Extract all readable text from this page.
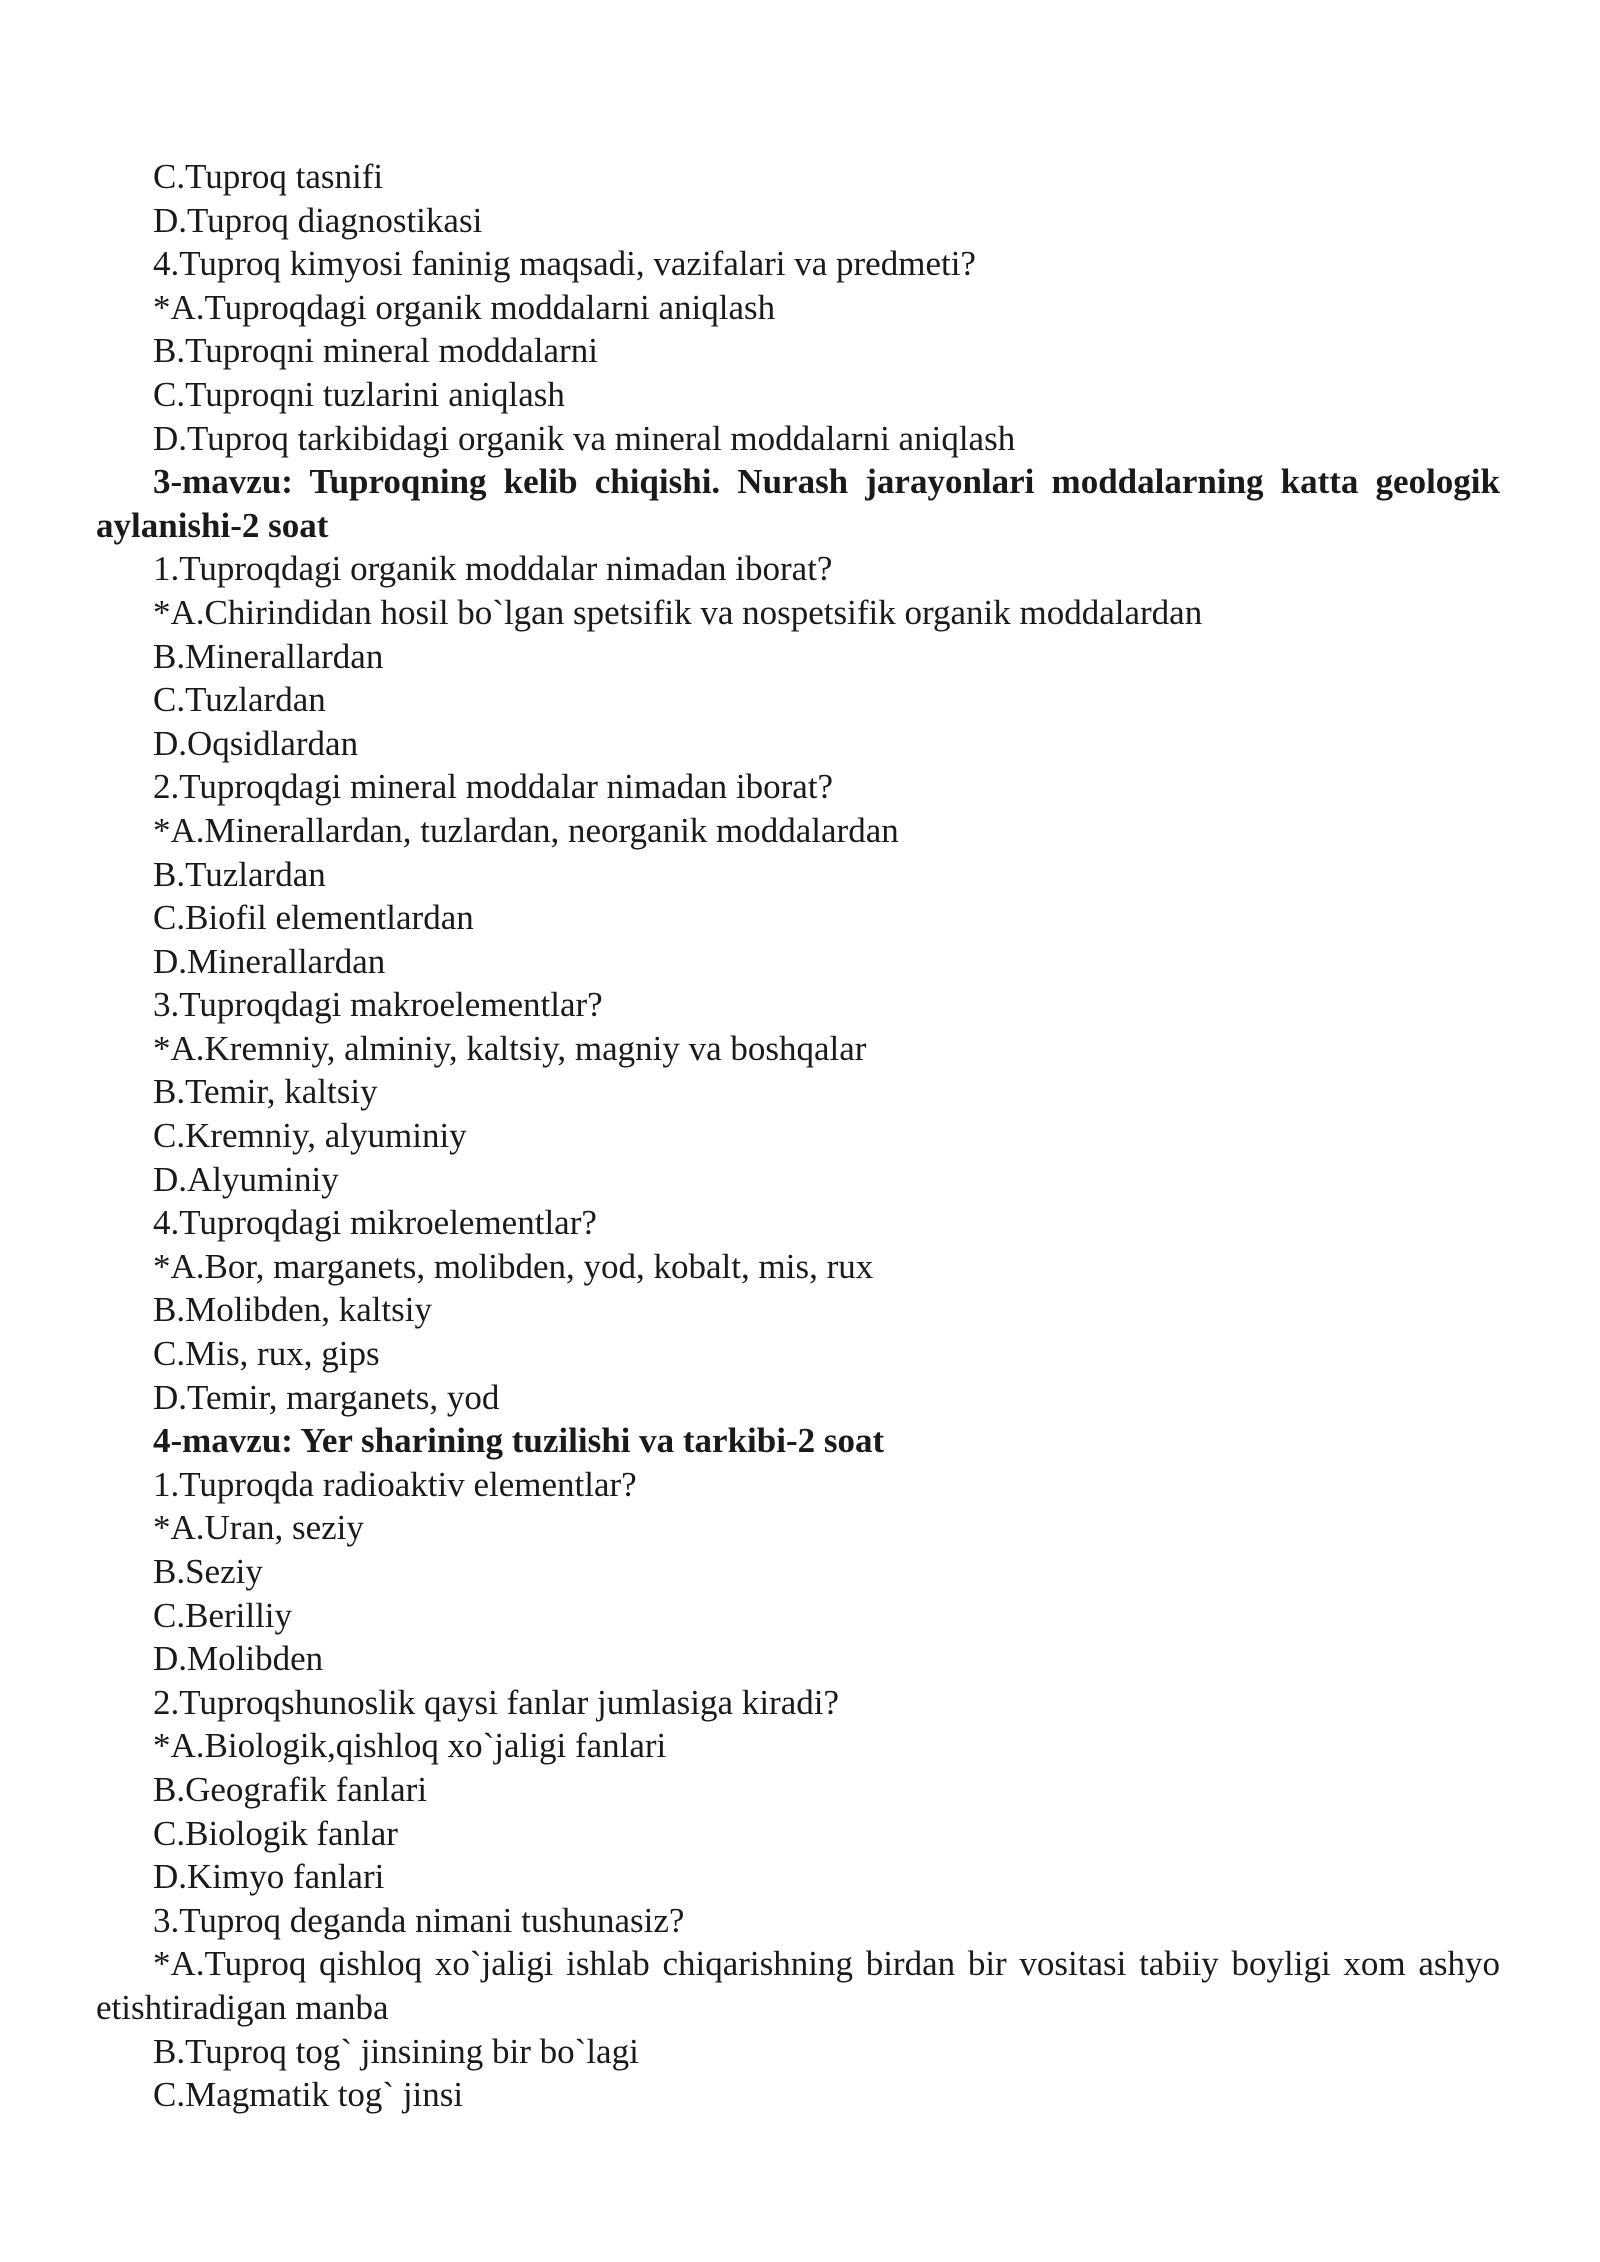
C.Tuproq tasnifi
D.Tuproq diagnostikasi
4.Tuproq kimyosi faninig maqsadi, vazifalari va predmeti?
*A.Tuproqdagi organik moddalarni aniqlash
B.Tuproqni mineral moddalarni
C.Tuproqni tuzlarini aniqlash
D.Tuproq tarkibidagi organik va mineral moddalarni aniqlash
3-mavzu: Tuproqning kelib chiqishi. Nurash jarayonlari moddalarning katta geologik aylanishi-2 soat
1.Tuproqdagi organik moddalar nimadan iborat?
*A.Chirindidan hosil bo`lgan spetsifik va nospetsifik organik moddalardan
B.Minerallardan
C.Tuzlardan
D.Oqsidlardan
2.Tuproqdagi mineral moddalar nimadan iborat?
*A.Minerallardan, tuzlardan, neorganik moddalardan
B.Tuzlardan
C.Biofil elementlardan
D.Minerallardan
3.Tuproqdagi makroelementlar?
*A.Kremniy, alminiy, kaltsiy, magniy va boshqalar
B.Temir, kaltsiy
C.Kremniy, alyuminiy
D.Alyuminiy
4.Tuproqdagi mikroelementlar?
*A.Bor, marganets, molibden, yod, kobalt, mis, rux
B.Molibden, kaltsiy
C.Mis, rux, gips
D.Temir, marganets, yod
4-mavzu: Yer sharining tuzilishi va tarkibi-2 soat
1.Tuproqda radioaktiv elementlar?
*A.Uran, seziy
B.Seziy
C.Berilliy
D.Molibden
2.Tuproqshunoslik qaysi fanlar jumlasiga kiradi?
*A.Biologik,qishloq xo`jaligi fanlari
B.Geografik fanlari
C.Biologik fanlar
D.Kimyo fanlari
3.Tuproq deganda nimani tushunasiz?
*A.Tuproq qishloq xo`jaligi ishlab chiqarishning birdan bir vositasi tabiiy boyligi xom ashyo etishtiradigan manba
B.Tuproq tog` jinsining bir bo`lagi
C.Magmatik tog` jinsi
